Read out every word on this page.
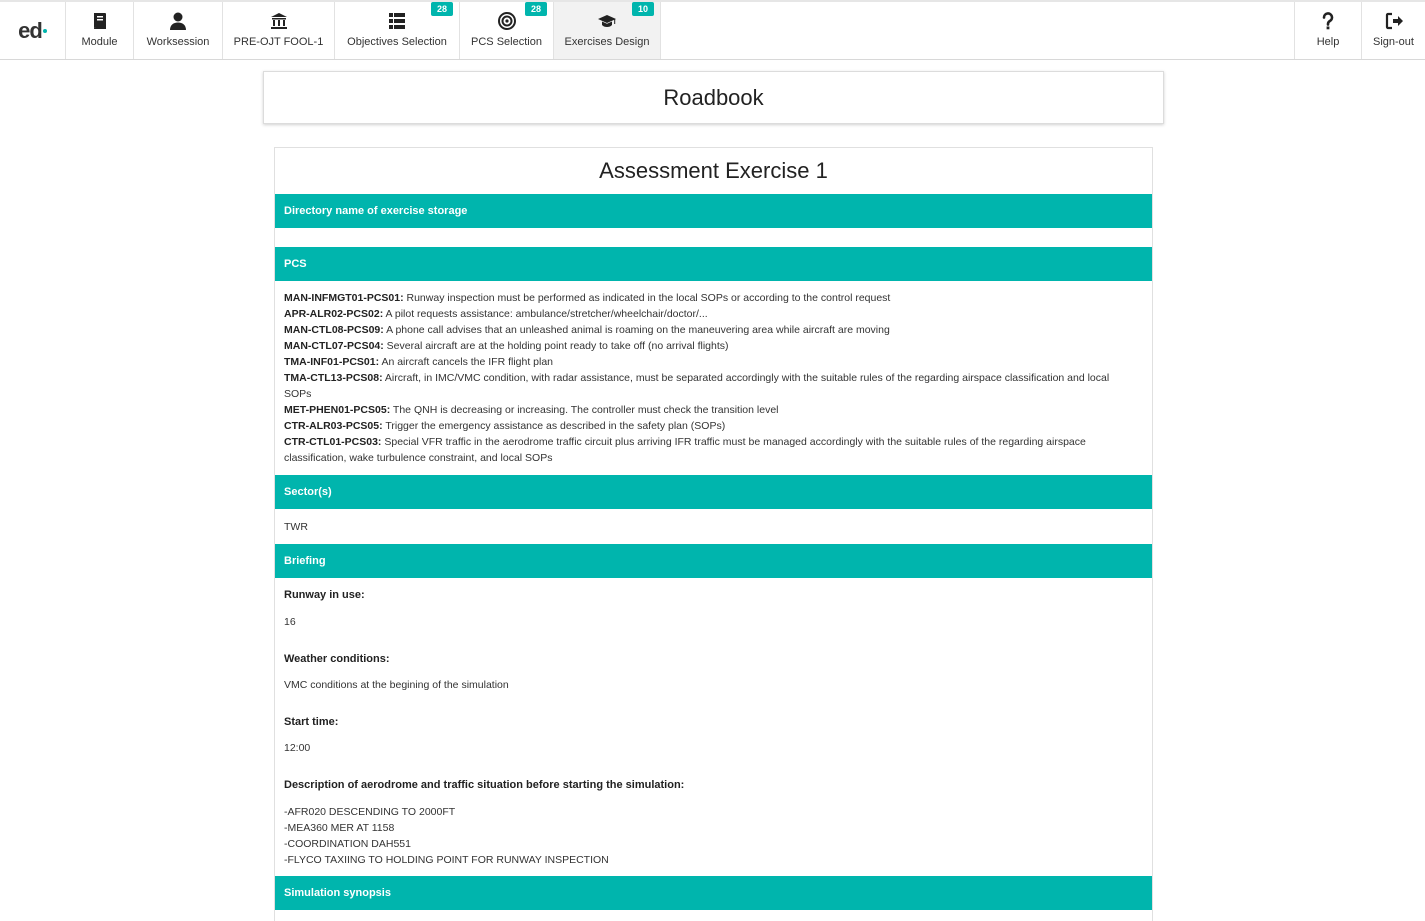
ed	Module	Worksession	PRE-OJT FOOL-1	Objectives Selection
28
PCS Selection
28
Exercises Design
10
Help	Sign-out
Roadbook
Assessment Exercise 1
Directory name of exercise storage
PCS
MAN-INFMGT01-PCS01: Runway inspection must be performed as indicated in the local SOPs or according to the control request
APR-ALR02-PCS02: A pilot requests assistance: ambulance/stretcher/wheelchair/doctor/...
MAN-CTL08-PCS09: A phone call advises that an unleashed animal is roaming on the maneuvering area while aircraft are moving
MAN-CTL07-PCS04: Several aircraft are at the holding point ready to take off (no arrival flights)
TMA-INF01-PCS01: An aircraft cancels the IFR flight plan
TMA-CTL13-PCS08: Aircraft, in IMC/VMC condition, with radar assistance, must be separated accordingly with the suitable rules of the regarding airspace classification and local SOPs
MET-PHEN01-PCS05: The QNH is decreasing or increasing. The controller must check the transition level
CTR-ALR03-PCS05: Trigger the emergency assistance as described in the safety plan (SOPs)
CTR-CTL01-PCS03: Special VFR traffic in the aerodrome traffic circuit plus arriving IFR traffic must be managed accordingly with the suitable rules of the regarding airspace classification, wake turbulence constraint, and local SOPs
Sector(s)
TWR
Briefing
Runway in use:
16
Weather conditions:
VMC conditions at the begining of the simulation
Start time:
12:00
Description of aerodrome and traffic situation before starting the simulation:
-AFR020 DESCENDING TO 2000FT
-MEA360 MER AT 1158
-COORDINATION DAH551
-FLYCO TAXIING TO HOLDING POINT FOR RUNWAY INSPECTION
Simulation synopsis
